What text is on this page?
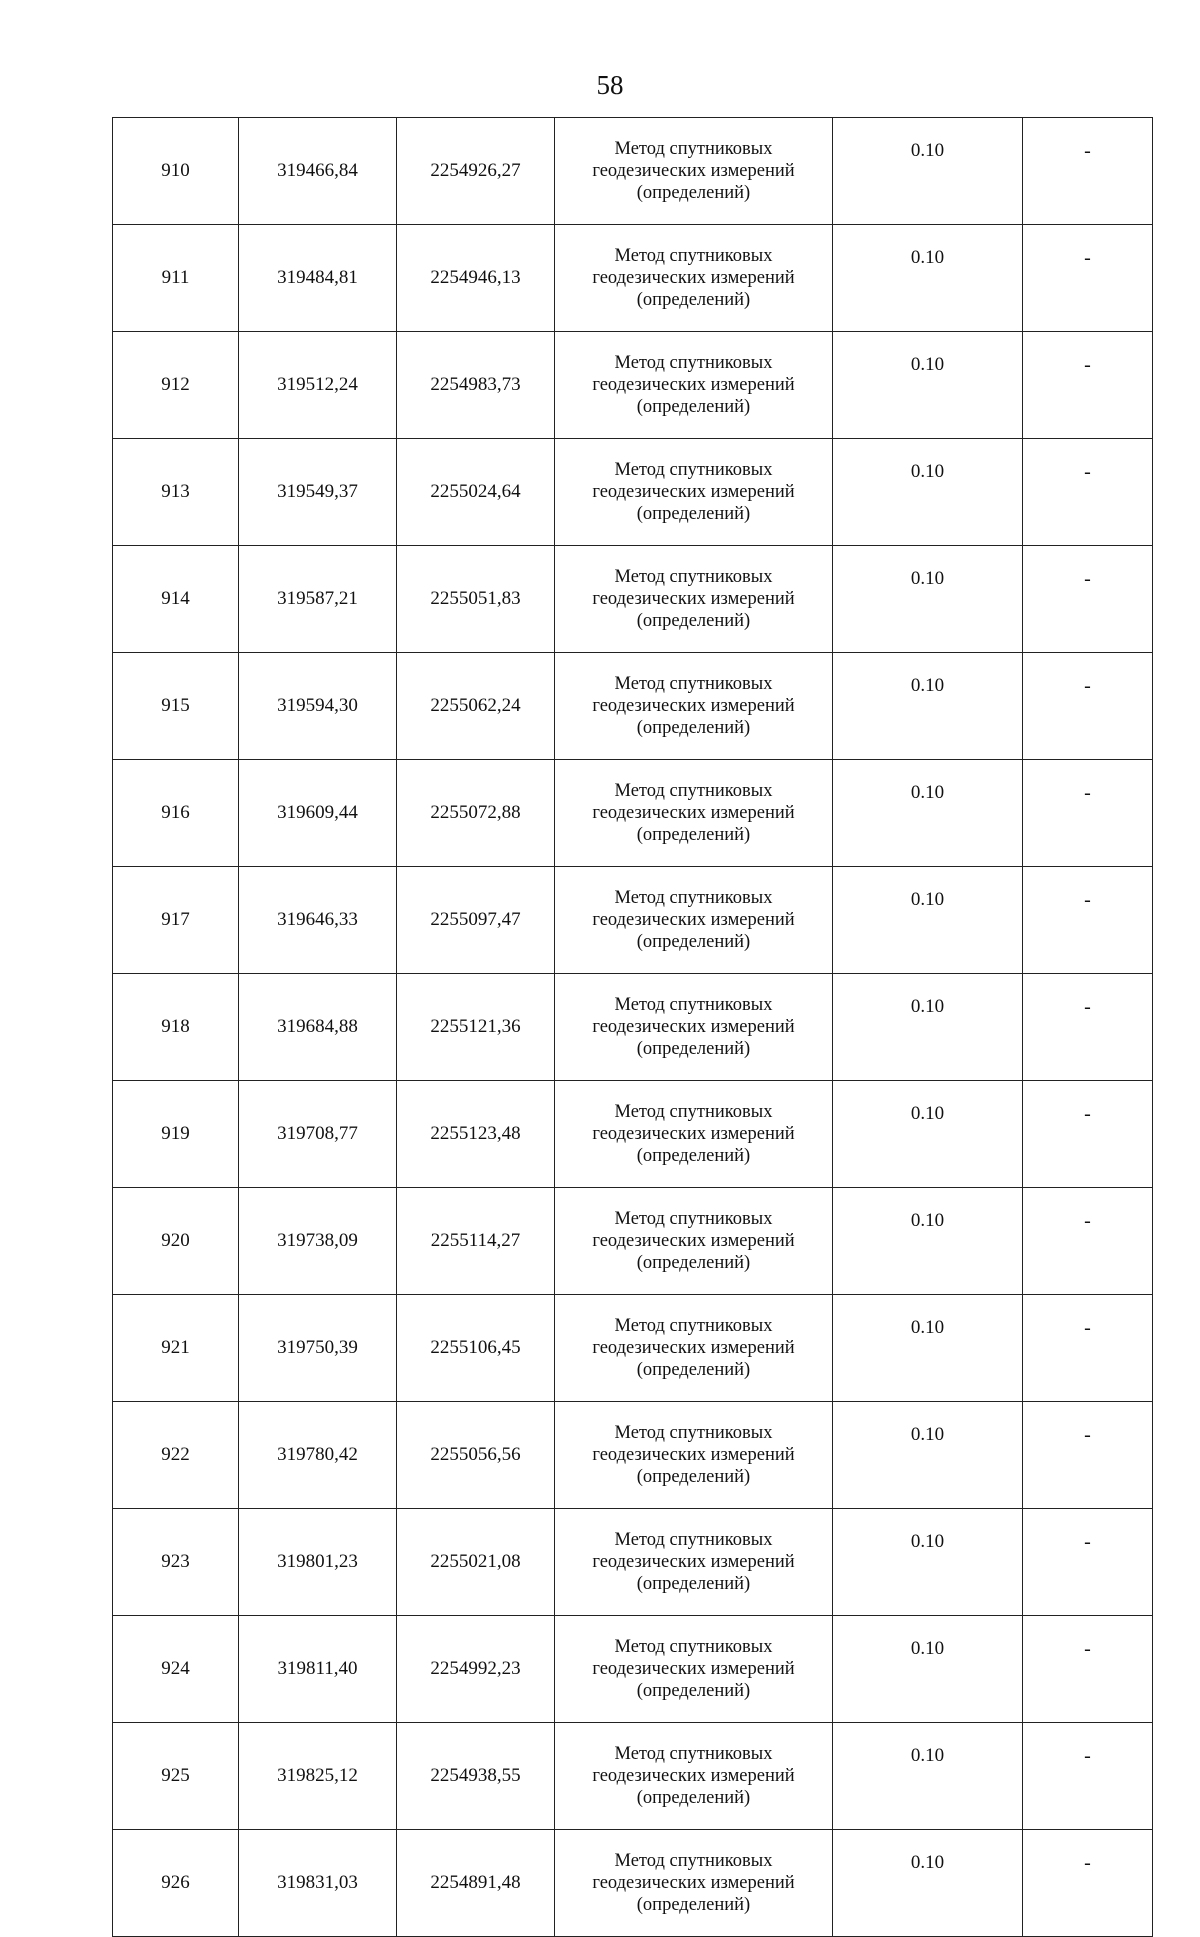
58
910	319466,84	2254926,27	Метод спутниковых
геодезических измерений
(определений)	0.10	-
911	319484,81	2254946,13	Метод спутниковых
геодезических измерений
(определений)	0.10	-
912	319512,24	2254983,73	Метод спутниковых
геодезических измерений
(определений)	0.10	-
913	319549,37	2255024,64	Метод спутниковых
геодезических измерений
(определений)	0.10	-
914	319587,21	2255051,83	Метод спутниковых
геодезических измерений
(определений)	0.10	-
915	319594,30	2255062,24	Метод спутниковых
геодезических измерений
(определений)	0.10	-
916	319609,44	2255072,88	Метод спутниковых
геодезических измерений
(определений)	0.10	-
917	319646,33	2255097,47	Метод спутниковых
геодезических измерений
(определений)	0.10	-
918	319684,88	2255121,36	Метод спутниковых
геодезических измерений
(определений)	0.10	-
919	319708,77	2255123,48	Метод спутниковых
геодезических измерений
(определений)	0.10	-
920	319738,09	2255114,27	Метод спутниковых
геодезических измерений
(определений)	0.10	-
921	319750,39	2255106,45	Метод спутниковых
геодезических измерений
(определений)	0.10	-
922	319780,42	2255056,56	Метод спутниковых
геодезических измерений
(определений)	0.10	-
923	319801,23	2255021,08	Метод спутниковых
геодезических измерений
(определений)	0.10	-
924	319811,40	2254992,23	Метод спутниковых
геодезических измерений
(определений)	0.10	-
925	319825,12	2254938,55	Метод спутниковых
геодезических измерений
(определений)	0.10	-
926	319831,03	2254891,48	Метод спутниковых
геодезических измерений
(определений)	0.10	-
